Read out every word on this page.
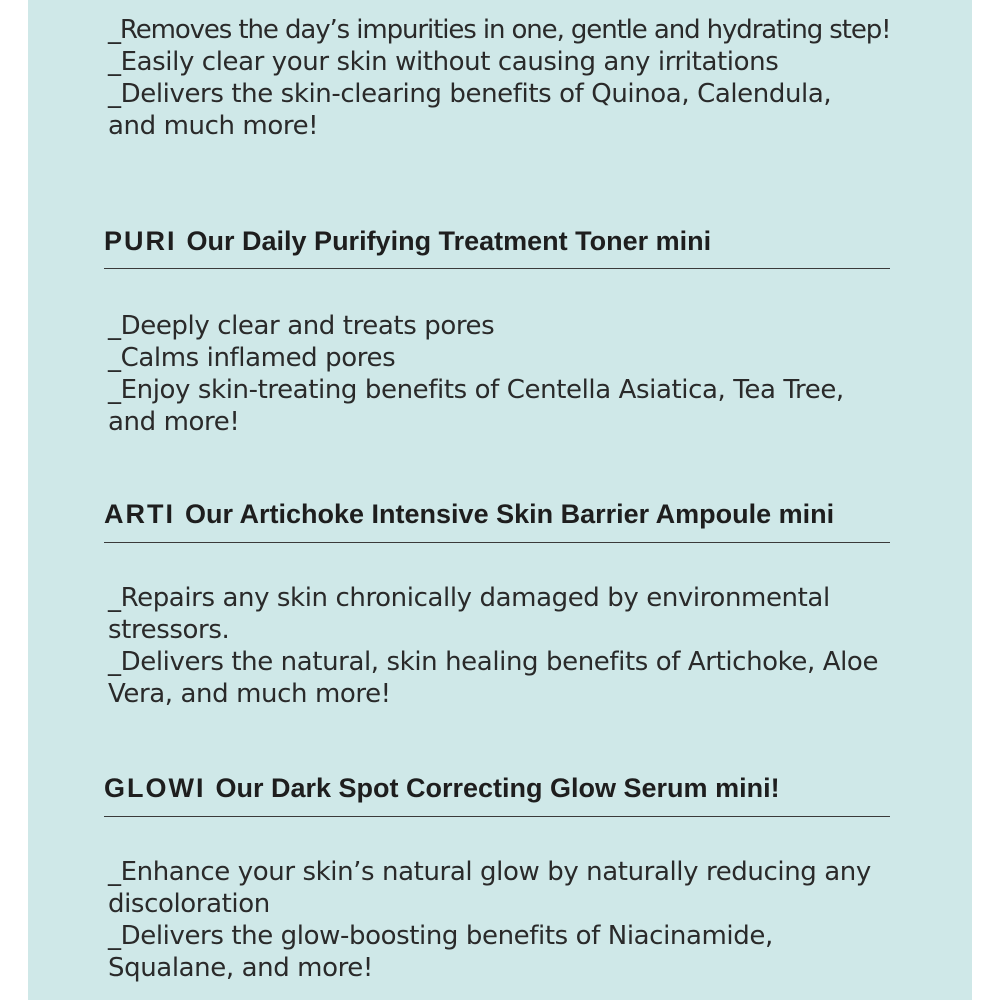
_Removes the day’s impurities in one, gentle and hydrating step!
_Easily clear your skin without causing any irritations
_Delivers the skin-clearing benefits of Quinoa, Calendula,
and much more!

PURI Our Daily Purifying Treatment Toner mini

_Deeply clear and treats pores
_Calms inflamed pores
_Enjoy skin-treating benefits of Centella Asiatica, Tea Tree,
and more!

ARTI Our Artichoke Intensive Skin Barrier Ampoule mini

_Repairs any skin chronically damaged by environmental
stressors.
_Delivers the natural, skin healing benefits of Artichoke, Aloe
Vera, and much more!

GLOWI Our Dark Spot Correcting Glow Serum mini!

_Enhance your skin’s natural glow by naturally reducing any
discoloration
_Delivers the glow-boosting benefits of Niacinamide,
Squalane, and more!
